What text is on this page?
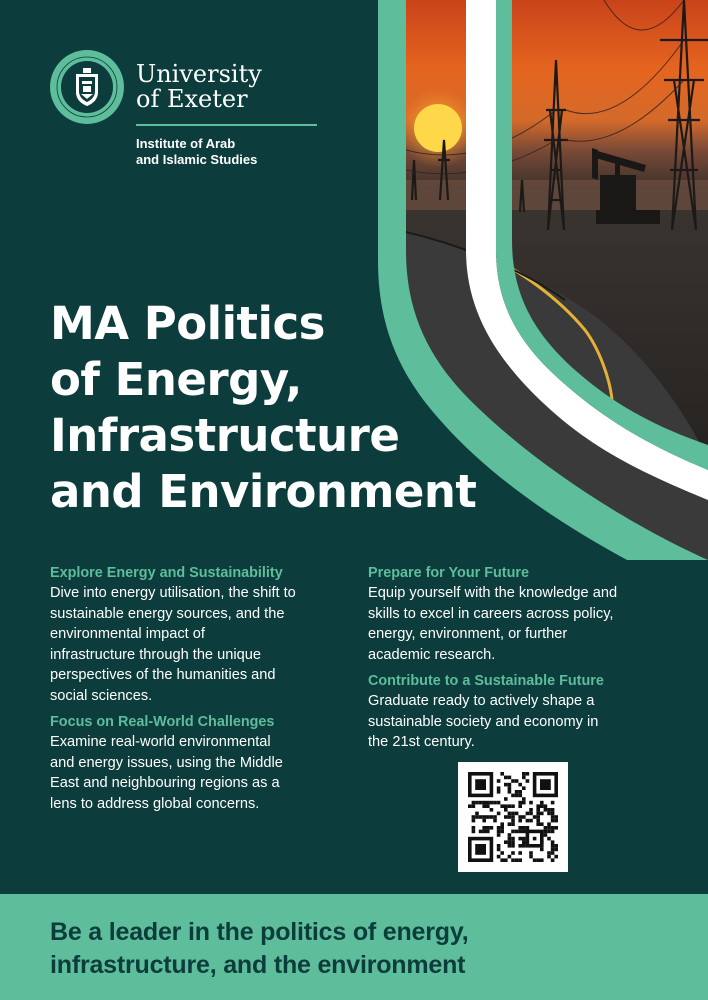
University
of Exeter
Institute of Arab
and Islamic Studies
MA Politics
of Energy,
Infrastructure
and Environment
Explore Energy and Sustainability

Dive into energy utilisation, the shift to
sustainable energy sources, and the
environmental impact of
infrastructure through the unique
perspectives of the humanities and
social sciences.

Focus on Real-World Challenges

Examine real-world environmental
and energy issues, using the Middle
East and neighbouring regions as a
lens to address global concerns.

Prepare for Your Future

Equip yourself with the knowledge and
skills to excel in careers across policy,
energy, environment, or further
academic research.

Contribute to a Sustainable Future

Graduate ready to actively shape a
sustainable society and economy in
the 21st century.

Be a leader in the politics of energy,
infrastructure, and the environment
